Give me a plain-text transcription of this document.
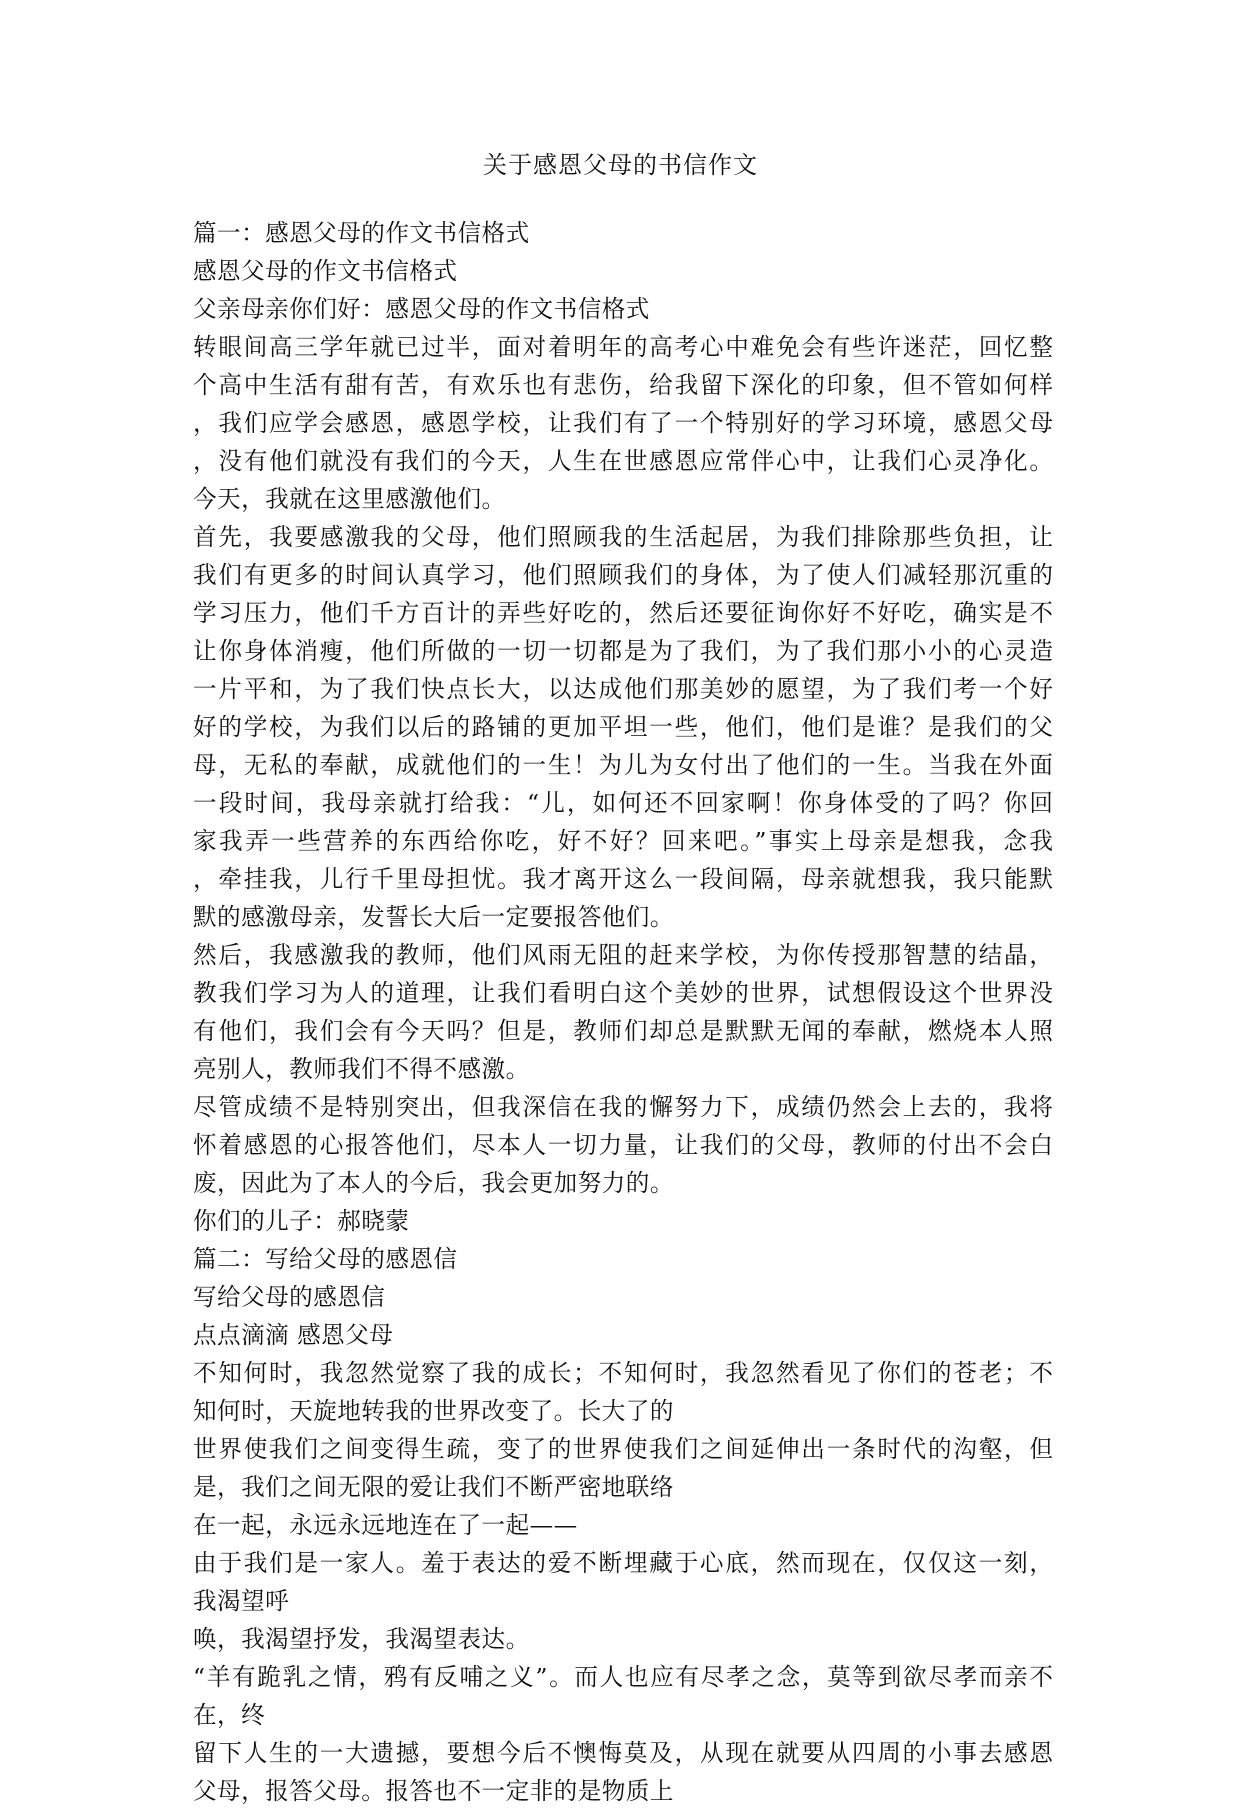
关于感恩父母的书信作文
篇一：感恩父母的作文书信格式
感恩父母的作文书信格式
父亲母亲你们好：感恩父母的作文书信格式
转眼间高三学年就已过半，面对着明年的高考心中难免会有些许迷茫，回忆整
个高中生活有甜有苦，有欢乐也有悲伤，给我留下深化的印象，但不管如何样
，我们应学会感恩，感恩学校，让我们有了一个特别好的学习环境，感恩父母
，没有他们就没有我们的今天，人生在世感恩应常伴心中，让我们心灵净化。
今天，我就在这里感激他们。
首先，我要感激我的父母，他们照顾我的生活起居，为我们排除那些负担，让
我们有更多的时间认真学习，他们照顾我们的身体，为了使人们减轻那沉重的
学习压力，他们千方百计的弄些好吃的，然后还要征询你好不好吃，确实是不
让你身体消瘦，他们所做的一切一切都是为了我们，为了我们那小小的心灵造
一片平和，为了我们快点长大，以达成他们那美妙的愿望，为了我们考一个好
好的学校，为我们以后的路铺的更加平坦一些，他们，他们是谁？是我们的父
母，无私的奉献，成就他们的一生！为儿为女付出了他们的一生。当我在外面
一段时间，我母亲就打给我：“儿，如何还不回家啊！你身体受的了吗？你回
家我弄一些营养的东西给你吃，好不好？回来吧。”事实上母亲是想我，念我
，牵挂我，儿行千里母担忧。我才离开这么一段间隔，母亲就想我，我只能默
默的感激母亲，发誓长大后一定要报答他们。
然后，我感激我的教师，他们风雨无阻的赶来学校，为你传授那智慧的结晶，
教我们学习为人的道理，让我们看明白这个美妙的世界，试想假设这个世界没
有他们，我们会有今天吗？但是，教师们却总是默默无闻的奉献，燃烧本人照
亮别人，教师我们不得不感激。
尽管成绩不是特别突出，但我深信在我的懈努力下，成绩仍然会上去的，我将
怀着感恩的心报答他们，尽本人一切力量，让我们的父母，教师的付出不会白
废，因此为了本人的今后，我会更加努力的。
你们的儿子：郝晓蒙
篇二：写给父母的感恩信
写给父母的感恩信
点点滴滴 感恩父母
不知何时，我忽然觉察了我的成长；不知何时，我忽然看见了你们的苍老；不
知何时，天旋地转我的世界改变了。长大了的
世界使我们之间变得生疏，变了的世界使我们之间延伸出一条时代的沟壑，但
是，我们之间无限的爱让我们不断严密地联络
在一起，永远永远地连在了一起——
由于我们是一家人。羞于表达的爱不断埋藏于心底，然而现在，仅仅这一刻，
我渴望呼
唤，我渴望抒发，我渴望表达。
“羊有跪乳之情，鸦有反哺之义”。而人也应有尽孝之念，莫等到欲尽孝而亲不
在，终
留下人生的一大遗撼，要想今后不懊悔莫及，从现在就要从四周的小事去感恩
父母，报答父母。报答也不一定非的是物质上
